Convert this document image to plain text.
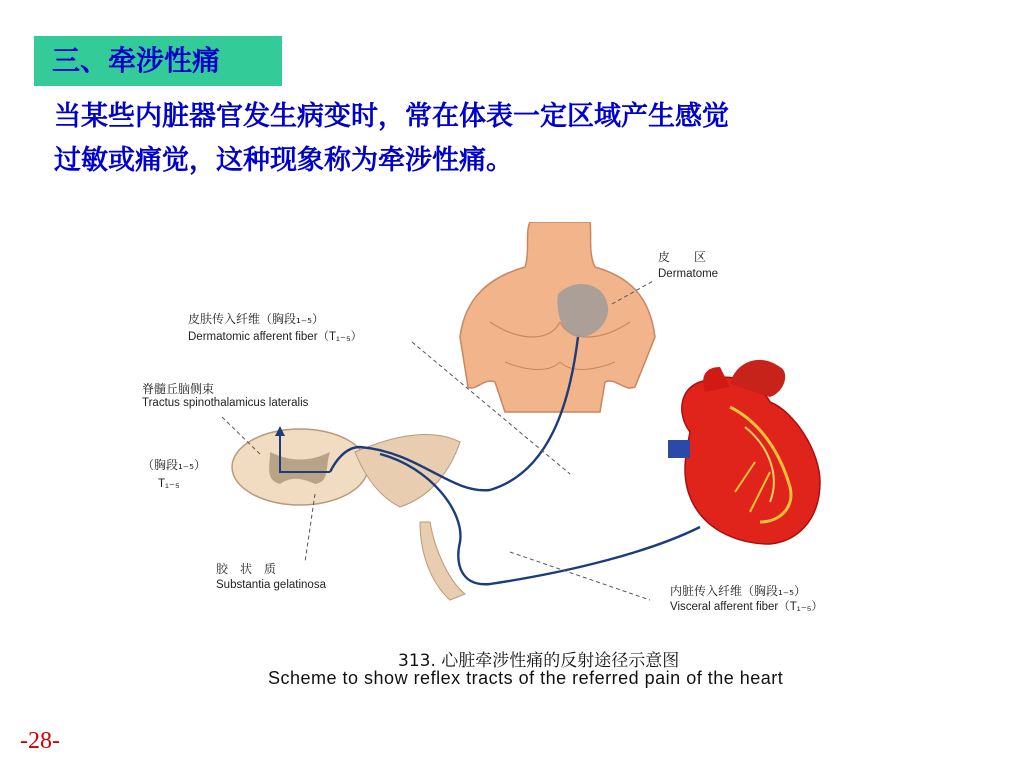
三、牵涉性痛
当某些内脏器官发生病变时，常在体表一定区域产生感觉
过敏或痛觉，这种现象称为牵涉性痛。
皮　　区
Dermatome
皮肤传入纤维（胸段₁₋₅）
Dermatomic afferent fiber（T₁₋₅）
脊髓丘脑侧束
Tractus spinothalamicus lateralis
（胸段₁₋₅）
T₁₋₅
胶　状　质
Substantia gelatinosa	内脏传入纤维（胸段₁₋₅）
Visceral afferent fiber（T₁₋₅）
313. 心脏牵涉性痛的反射途径示意图
Scheme to show reflex tracts of the referred pain of the heart
-28-
